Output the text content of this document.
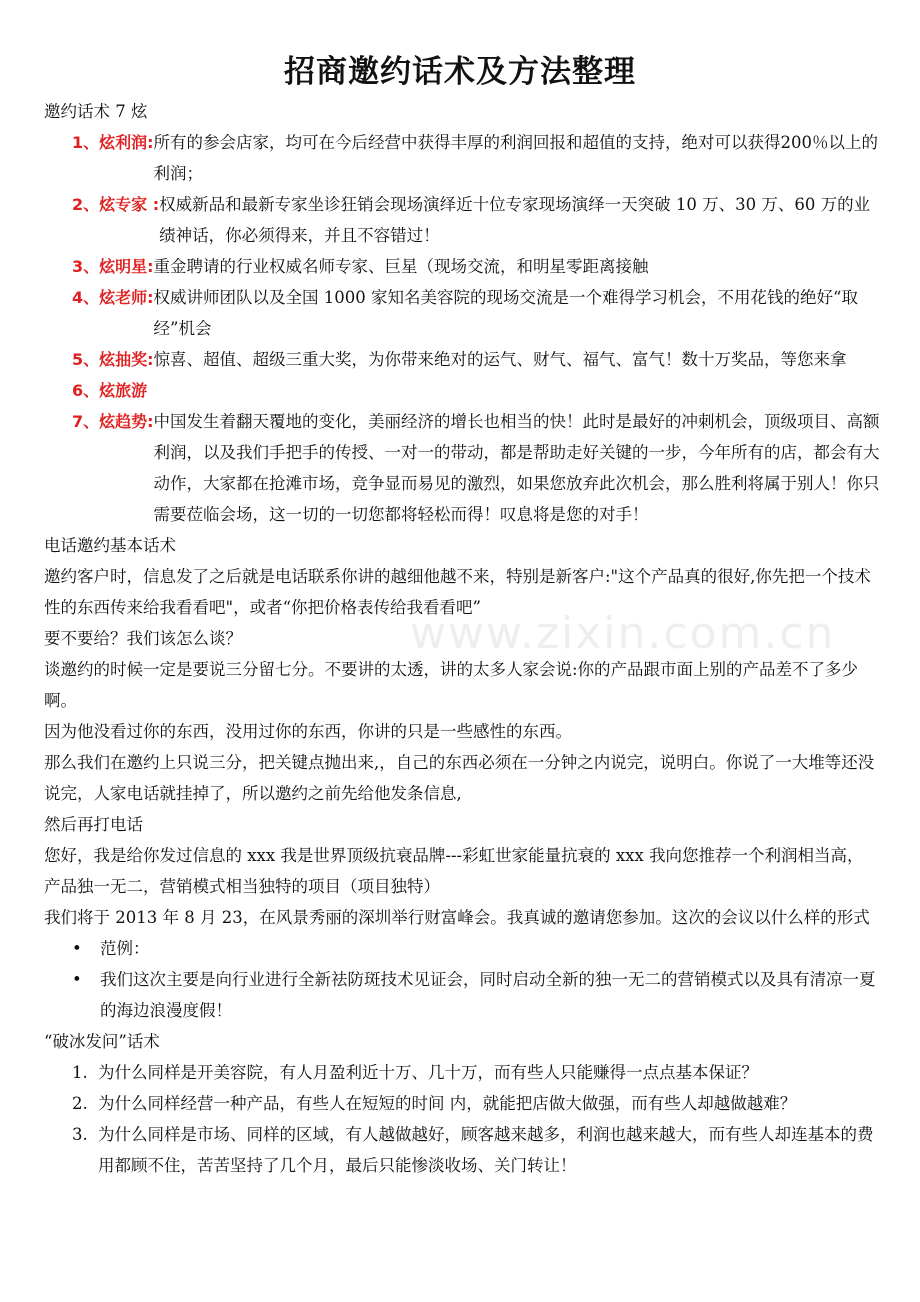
www.zixin.com.cn
招商邀约话术及方法整理

邀约话术 7 炫

1、炫利润: 所有的参会店家，均可在今后经营中获得丰厚的利润回报和超值的支持，绝对可以获得200％以上的利润；
2、炫专家 : 权威新品和最新专家坐诊狂销会现场演绎近十位专家现场演绎一天突破 10 万、30 万、60 万的业绩神话，你必须得来，并且不容错过！
3、炫明星: 重金聘请的行业权威名师专家、巨星（现场交流，和明星零距离接触
4、炫老师: 权威讲师团队以及全国 1000 家知名美容院的现场交流是一个难得学习机会，不用花钱的绝好“取经”机会
5、炫抽奖: 惊喜、超值、超级三重大奖，为你带来绝对的运气、财气、福气、富气！数十万奖品，等您来拿
6、炫旅游
7、炫趋势: 中国发生着翻天覆地的变化，美丽经济的增长也相当的快！此时是最好的冲刺机会，顶级项目、高额利润，以及我们手把手的传授、一对一的带动，都是帮助走好关键的一步，今年所有的店，都会有大动作，大家都在抢滩市场，竞争显而易见的激烈，如果您放弃此次机会，那么胜利将属于别人！你只需要莅临会场，这一切的一切您都将轻松而得！叹息将是您的对手！

电话邀约基本话术

邀约客户时，信息发了之后就是电话联系你讲的越细他越不来，特别是新客户:"这个产品真的很好,你先把一个技术性的东西传来给我看看吧"，或者“你把价格表传给我看看吧”

要不要给？我们该怎么谈？

谈邀约的时候一定是要说三分留七分。不要讲的太透，讲的太多人家会说:你的产品跟市面上别的产品差不了多少啊。

因为他没看过你的东西，没用过你的东西，你讲的只是一些感性的东西。

那么我们在邀约上只说三分，把关键点抛出来,，自己的东西必须在一分钟之内说完，说明白。你说了一大堆等还没说完，人家电话就挂掉了，所以邀约之前先给他发条信息,

然后再打电话

您好，我是给你发过信息的 xxx 我是世界顶级抗衰品牌---彩虹世家能量抗衰的 xxx 我向您推荐一个利润相当高，产品独一无二，营销模式相当独特的项目（项目独特）

我们将于 2013 年 8 月 23，在风景秀丽的深圳举行财富峰会。我真诚的邀请您参加。这次的会议以什么样的形式

•	范例：
•	我们这次主要是向行业进行全新祛防斑技术见证会，同时启动全新的独一无二的营销模式以及具有清凉一夏的海边浪漫度假！

“破冰发问”话术

1. 为什么同样是开美容院，有人月盈利近十万、几十万，而有些人只能赚得一点点基本保证？
2. 为什么同样经营一种产品，有些人在短短的时间 内，就能把店做大做强，而有些人却越做越难？
3. 为什么同样是市场、同样的区域，有人越做越好，顾客越来越多，利润也越来越大，而有些人却连基本的费用都顾不住，苦苦坚持了几个月，最后只能惨淡收场、关门转让！
